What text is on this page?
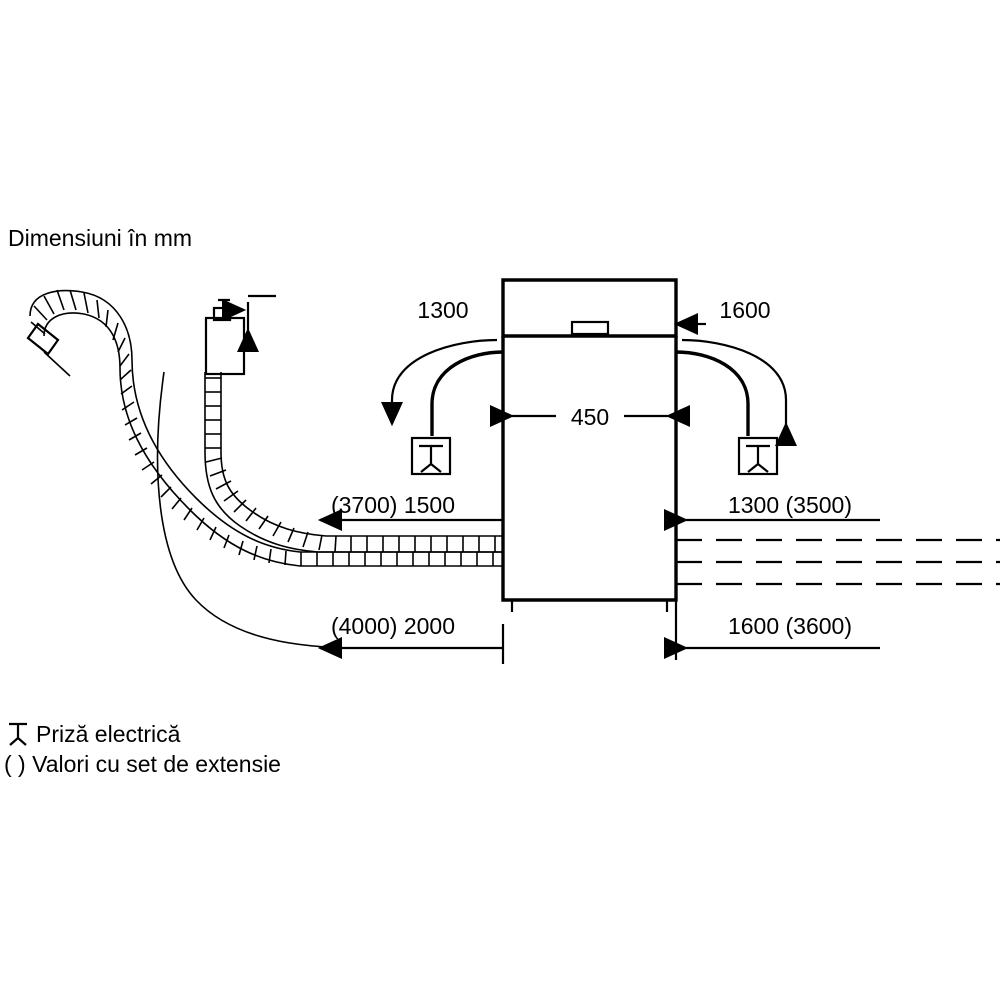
Dimensiuni în mm
450
1300	1600
(3700) 1500
(4000) 2000
1300 (3500)
1600 (3600)
Priză electrică
( ) Valori cu set de extensie
